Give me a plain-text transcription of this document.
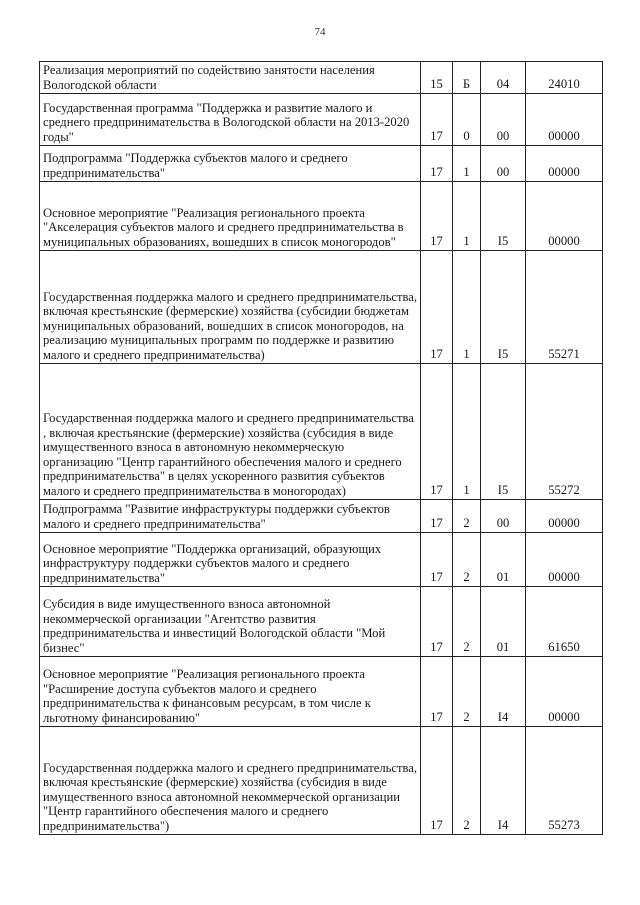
74
Реализация мероприятий по содействию занятости населения Вологодской области	15	Б	04	24010
Государственная программа "Поддержка и развитие малого и среднего предпринимательства в Вологодской области на 2013-2020 годы"	17	0	00	00000
Подпрограмма "Поддержка субъектов малого и среднего предпринимательства"	17	1	00	00000
Основное мероприятие "Реализация регионального проекта "Акселерация субъектов малого и среднего предпринимательства в муниципальных образованиях, вошедших в список моногородов"	17	1	I5	00000
Государственная поддержка малого и среднего предпринимательства, включая крестьянские (фермерские) хозяйства (субсидии бюджетам муниципальных образований, вошедших в список моногородов, на реализацию муниципальных программ по поддержке и развитию малого и среднего предпринимательства)	17	1	I5	55271
Государственная поддержка малого и среднего предпринимательства , включая крестьянские (фермерские) хозяйства (субсидия в виде имущественного взноса в автономную некоммерческую организацию "Центр гарантийного обеспечения малого и среднего предпринимательства" в целях ускоренного развития субъектов малого и среднего предпринимательства в моногородах)	17	1	I5	55272
Подпрограмма "Развитие инфраструктуры поддержки субъектов малого и среднего предпринимательства"	17	2	00	00000
Основное мероприятие "Поддержка организаций, образующих инфраструктуру поддержки субъектов малого и среднего предпринимательства"	17	2	01	00000
Субсидия в виде имущественного взноса автономной некоммерческой организации "Агентство развития предпринимательства и инвестиций Вологодской области "Мой бизнес"	17	2	01	61650
Основное мероприятие "Реализация регионального проекта "Расширение доступа субъектов малого и среднего предпринимательства к финансовым ресурсам, в том числе к льготному финансированию"	17	2	I4	00000
Государственная поддержка малого и среднего предпринимательства, включая крестьянские (фермерские) хозяйства (субсидия в виде имущественного взноса автономной некоммерческой организации "Центр гарантийного обеспечения малого и среднего предпринимательства")	17	2	I4	55273
